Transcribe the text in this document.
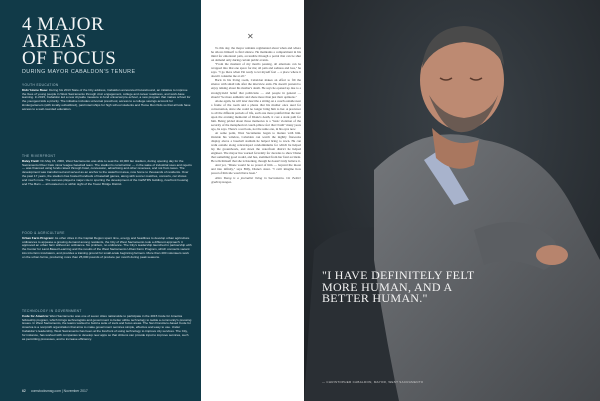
4 MAJOR
AREAS
OF FOCUS
DURING MAYOR CABALDON'S TENURE
YOUTH EDUCATION
Kids' Home Base: During his 2013 State of the City address, Cabaldon announced Futurebound, an initiative to improve the lives of young people in West Sacramento through civic engagement, college and career readiness, and work-base learning. In 2015, Cabaldon led a new citywide measure to fund universal pre-school, a new program that makes school for the youngest kids a priority. The initiative includes universal preschool, access to a college savings account for kindergarteners (with locally-subsidized), paid internships for high school students and Home Run Kids so that all kids have access to a well-rounded education.
THE RIVERFRONT
Raley Field: On May 15, 2000, West Sacramento was able to seat the 10,000 fan stadium, during opening day for the Sacramento River Cats minor league baseball team. The stadium's construction — in the wake of industrial uses and rejects — was financed using funds raised through hotel, concession, advertising and other revenues, and not from taxes. The development was transformed and served as an anchor to the waterfront area, now home to thousands of residents. Over the past 17 years, the stadium has hosted hundreds of baseball games, along with soccer matches, concerts, car shows and much more. The success played a major role in spurring the development of the CalSTRS building, riverfront housing and The Barn — all located on or within sight of the Tower Bridge District.
FOOD & AGRICULTURE
Urban Farm Program: As other cities in the Capital Region spent time, energy and headlines to develop urban agriculture ordinances to appease a growing demand among residents, the City of West Sacramento took a different approach: it approved an urban farm without an ordinance. No problem, no ordinance. The City's leadership launched in partnership with the Center for Land-Based Learning and the results of the West Sacramento Urban Farm Program, which connects vacant lots into farm incubators, and provides a training ground for small-scale beginning farmers. More than 400 volunteers work on the urban farms, producing more than 25,000 pounds of produce per month during peak seasons.
TECHNOLOGY IN GOVERNMENT
Code for America: West Sacramento was one of seven cities nationwide to participate in the 2015 Code for America fellowship program, which brings technologists and government to better utilize technology to tackle a community's pressing issues. In West Sacramento, the teams worked to build a suite of tools and focus areas. The San Francisco-based Code for America is a nonprofit organization that aims to make government services simple, effective and easy to use. Under Cabaldon's leadership, West Sacramento has been at the forefront of using technology to improve city services. The City, for instance, has worked with companies to develop new apps so that citizens can provide input to improve services, such as permitting processes, and to increase efficiency.
62 comstocksmag.com | November 2017
✕

To this day, the mayor remains regimented about when and where he allows himself to find silence. He maintains a compartment in his mind for emotional pain, accessible through a portal that can be shut on demand only during certain public events.

"From the moment of my mom's passing, all emotions can be wrapped into that one space for me; all pain and sadness and loss," he says. "I go there when I'm ready to let myself feel ... a place where it doesn't consume me at all."

Back in his living room, Cabaldon makes an effort to fill the silence with small talk after the interview ends. He doesn't pretend to enjoy talking about his mother's death. He says he opened up due to a strongly-held belief that politicians — and people in general — should "be more authentic and share more than just their opinions."

Alone again, he will later describe a sitting on a couch outside near a frame of the room and a phone that his mother once used for conversation, since she could no longer bring him to her. A precursor to all the different periods of life, each one more painful than the last: upon the evening memorial of Diane's death, it cost a stark path for him. Being prided about those memories is a "basic violation of the security of the metaphorical couch-pillow-fort that I built" many years ago, he says. There's a sad look, not the same one, in his eyes now.

At some point, West Sacramento began to mature with him. Outside his window, Cabaldon can watch the nightly fireworks display above a baseball stadium he helped bring to town. He can walk outside along redeveloped condominiums for which he helped lay the groundwork, and down the waterfront district he helped engineer. The mayor has worked fervently for decades to show Diane that something good would, and has, stemmed from her fatal accident. He tells himself that she is listening, though he doesn't truly believe it.

And yet, "Diane would be so proud of him — beyond the moon and into infinity," says Billy, Diane's sister. "I can't imagine how proud of him she would have been."

Allen Young is a journalist living in Sacramento. On Twitter @allenyoungas.

"I HAVE DEFINITELY FELT MORE HUMAN, AND A BETTER HUMAN."
— CHRISTOPHER CABALDON, MAYOR, WEST SACRAMENTO
